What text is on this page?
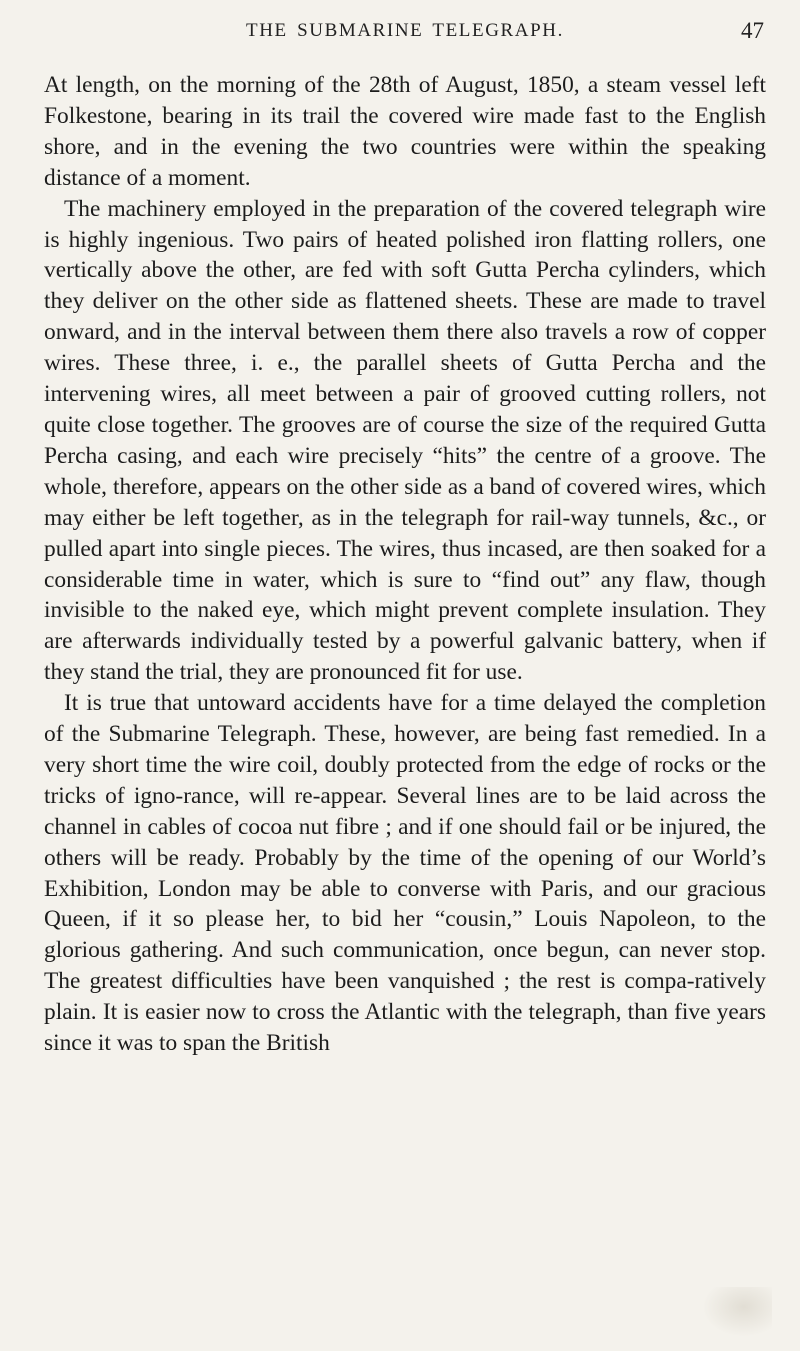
THE SUBMARINE TELEGRAPH.	47

At length, on the morning of the 28th of August, 1850, a steam vessel left Folkestone, bearing in its trail the covered wire made fast to the English shore, and in the evening the two countries were within the speaking distance of a moment.

The machinery employed in the preparation of the covered telegraph wire is highly ingenious. Two pairs of heated polished iron flatting rollers, one vertically above the other, are fed with soft Gutta Percha cylinders, which they deliver on the other side as flattened sheets. These are made to travel onward, and in the interval between them there also travels a row of copper wires. These three, i. e., the parallel sheets of Gutta Percha and the intervening wires, all meet between a pair of grooved cutting rollers, not quite close together. The grooves are of course the size of the required Gutta Percha casing, and each wire precisely “hits” the centre of a groove. The whole, therefore, appears on the other side as a band of covered wires, which may either be left together, as in the telegraph for rail-way tunnels, &c., or pulled apart into single pieces. The wires, thus incased, are then soaked for a considerable time in water, which is sure to “find out” any flaw, though invisible to the naked eye, which might prevent complete insulation. They are afterwards individually tested by a powerful galvanic battery, when if they stand the trial, they are pronounced fit for use.

It is true that untoward accidents have for a time delayed the completion of the Submarine Telegraph. These, however, are being fast remedied. In a very short time the wire coil, doubly protected from the edge of rocks or the tricks of igno-rance, will re-appear. Several lines are to be laid across the channel in cables of cocoa nut fibre ; and if one should fail or be injured, the others will be ready. Probably by the time of the opening of our World’s Exhibition, London may be able to converse with Paris, and our gracious Queen, if it so please her, to bid her “cousin,” Louis Napoleon, to the glorious gathering. And such communication, once begun, can never stop. The greatest difficulties have been vanquished ; the rest is compa-ratively plain. It is easier now to cross the Atlantic with the telegraph, than five years since it was to span the British
